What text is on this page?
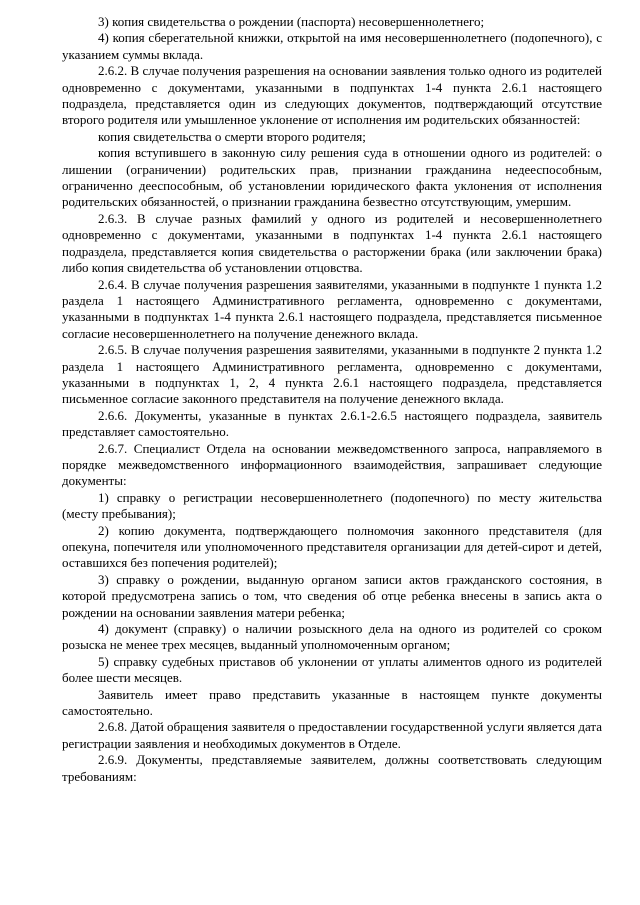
3) копия свидетельства о рождении (паспорта) несовершеннолетнего;

4) копия сберегательной книжки, открытой на имя несовершеннолетнего (подопечного), с указанием суммы вклада.

2.6.2. В случае получения разрешения на основании заявления только одного из родителей одновременно с документами, указанными в подпунктах 1-4 пункта 2.6.1 настоящего подраздела, представляется один из следующих документов, подтверждающий отсутствие второго родителя или умышленное уклонение от исполнения им родительских обязанностей:

копия свидетельства о смерти второго родителя;

копия вступившего в законную силу решения суда в отношении одного из родителей: о лишении (ограничении) родительских прав, признании гражданина недееспособным, ограниченно дееспособным, об установлении юридического факта уклонения от исполнения родительских обязанностей, о признании гражданина безвестно отсутствующим, умершим.

2.6.3. В случае разных фамилий у одного из родителей и несовершеннолетнего одновременно с документами, указанными в подпунктах 1-4 пункта 2.6.1 настоящего подраздела, представляется копия свидетельства о расторжении брака (или заключении брака) либо копия свидетельства об установлении отцовства.

2.6.4. В случае получения разрешения заявителями, указанными в подпункте 1 пункта 1.2 раздела 1 настоящего Административного регламента, одновременно с документами, указанными в подпунктах 1-4 пункта 2.6.1 настоящего подраздела, представляется письменное согласие несовершеннолетнего на получение денежного вклада.

2.6.5. В случае получения разрешения заявителями, указанными в подпункте 2 пункта 1.2 раздела 1 настоящего Административного регламента, одновременно с документами, указанными в подпунктах 1, 2, 4 пункта 2.6.1 настоящего подраздела, представляется письменное согласие законного представителя на получение денежного вклада.

2.6.6. Документы, указанные в пунктах 2.6.1-2.6.5 настоящего подраздела, заявитель представляет самостоятельно.

2.6.7. Специалист Отдела на основании межведомственного запроса, направляемого в порядке межведомственного информационного взаимодействия, запрашивает следующие документы:

1) справку о регистрации несовершеннолетнего (подопечного) по месту жительства (месту пребывания);

2) копию документа, подтверждающего полномочия законного представителя (для опекуна, попечителя или уполномоченного представителя организации для детей-сирот и детей, оставшихся без попечения родителей);

3) справку о рождении, выданную органом записи актов гражданского состояния, в которой предусмотрена запись о том, что сведения об отце ребенка внесены в запись акта о рождении на основании заявления матери ребенка;

4) документ (справку) о наличии розыскного дела на одного из родителей со сроком розыска не менее трех месяцев, выданный уполномоченным органом;

5) справку судебных приставов об уклонении от уплаты алиментов одного из родителей более шести месяцев.

Заявитель имеет право представить указанные в настоящем пункте документы самостоятельно.

2.6.8. Датой обращения заявителя о предоставлении государственной услуги является дата регистрации заявления и необходимых документов в Отделе.

2.6.9. Документы, представляемые заявителем, должны соответствовать следующим требованиям:
